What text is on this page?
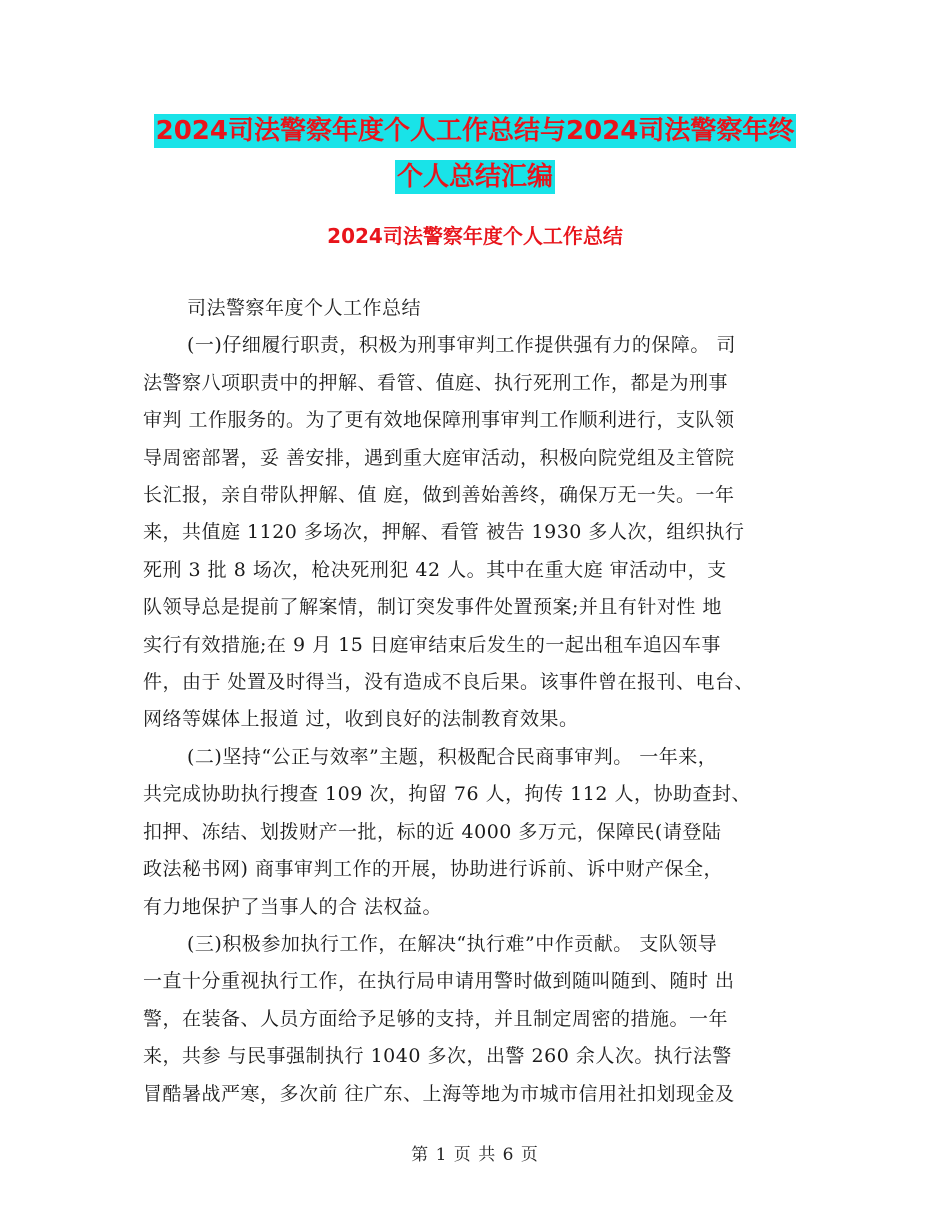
2024司法警察年度个人工作总结与2024司法警察年终
个人总结汇编
2024司法警察年度个人工作总结

司法警察年度个人工作总结

(一)仔细履行职责，积极为刑事审判工作提供强有力的保障。 司
法警察八项职责中的押解、看管、值庭、执行死刑工作，都是为刑事
审判 工作服务的。为了更有效地保障刑事审判工作顺利进行，支队领
导周密部署，妥 善安排，遇到重大庭审活动，积极向院党组及主管院
长汇报，亲自带队押解、值 庭，做到善始善终，确保万无一失。一年
来，共值庭 1120 多场次，押解、看管 被告 1930 多人次，组织执行
死刑 3 批 8 场次，枪决死刑犯 42 人。其中在重大庭 审活动中，支
队领导总是提前了解案情，制订突发事件处置预案;并且有针对性 地
实行有效措施;在 9 月 15 日庭审结束后发生的一起出租车追囚车事
件，由于 处置及时得当，没有造成不良后果。该事件曾在报刊、电台、
网络等媒体上报道 过，收到良好的法制教育效果。

(二)坚持“公正与效率”主题，积极配合民商事审判。 一年来，
共完成协助执行搜查 109 次，拘留 76 人，拘传 112 人，协助查封、
扣押、冻结、划拨财产一批，标的近 4000 多万元，保障民(请登陆
政法秘书网) 商事审判工作的开展，协助进行诉前、诉中财产保全，
有力地保护了当事人的合 法权益。

(三)积极参加执行工作，在解决“执行难”中作贡献。 支队领导
一直十分重视执行工作，在执行局申请用警时做到随叫随到、随时 出
警，在装备、人员方面给予足够的支持，并且制定周密的措施。一年
来，共参 与民事强制执行 1040 多次，出警 260 余人次。执行法警
冒酷暑战严寒，多次前 往广东、上海等地为市城市信用社扣划现金及

第 1 页 共 6 页
